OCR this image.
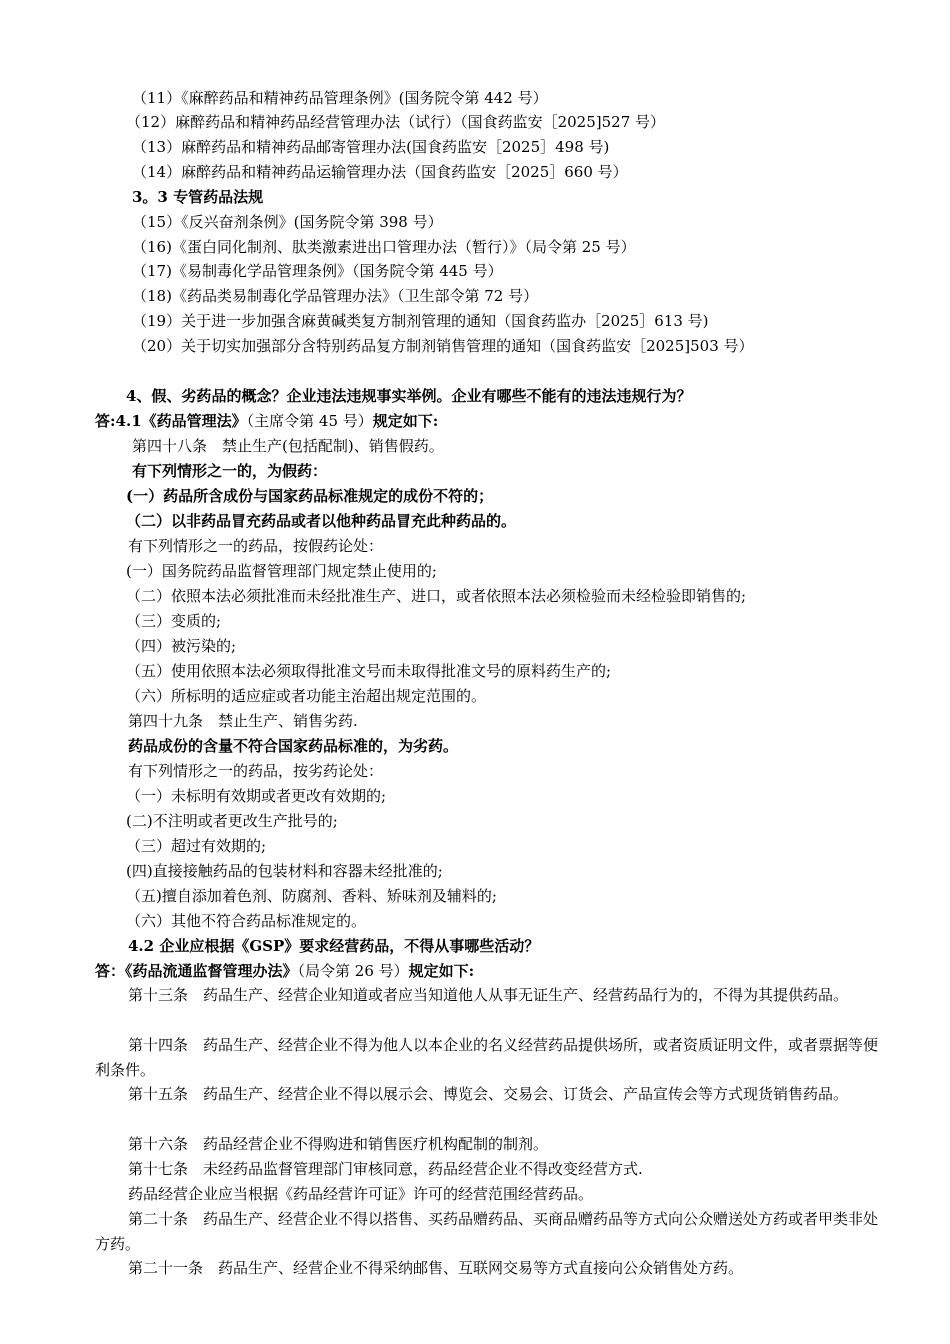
（11）《麻醉药品和精神药品管理条例》(国务院令第 442 号）
（12）麻醉药品和精神药品经营管理办法（试行）（国食药监安［2025]527 号）
（13）麻醉药品和精神药品邮寄管理办法(国食药监安［2025］498 号)
（14）麻醉药品和精神药品运输管理办法（国食药监安［2025］660 号）
3。3 专管药品法规
（15）《反兴奋剂条例》(国务院令第 398 号）
（16)《蛋白同化制剂、肽类激素进出口管理办法（暂行）》（局令第 25 号）
（17)《易制毒化学品管理条例》（国务院令第 445 号）
（18)《药品类易制毒化学品管理办法》（卫生部令第 72 号）
（19）关于进一步加强含麻黄碱类复方制剂管理的通知（国食药监办［2025］613 号)
（20）关于切实加强部分含特别药品复方制剂销售管理的通知（国食药监安［2025]503 号）
4、假、劣药品的概念？企业违法违规事实举例。企业有哪些不能有的违法违规行为？
答:4.1《药品管理法》（主席令第 45 号）规定如下:
第四十八条　禁止生产(包括配制)、销售假药。
有下列情形之一的，为假药：
(一）药品所含成份与国家药品标准规定的成份不符的；
（二）以非药品冒充药品或者以他种药品冒充此种药品的。
有下列情形之一的药品，按假药论处：
(一）国务院药品监督管理部门规定禁止使用的;
（二）依照本法必须批准而未经批准生产、进口，或者依照本法必须检验而未经检验即销售的;
（三）变质的;
（四）被污染的;
（五）使用依照本法必须取得批准文号而未取得批准文号的原料药生产的;
（六）所标明的适应症或者功能主治超出规定范围的。
第四十九条　禁止生产、销售劣药.
药品成份的含量不符合国家药品标准的，为劣药。
有下列情形之一的药品，按劣药论处：
（一）未标明有效期或者更改有效期的;
(二)不注明或者更改生产批号的;
（三）超过有效期的;
(四)直接接触药品的包装材料和容器未经批准的;
（五)擅自添加着色剂、防腐剂、香料、矫味剂及辅料的;
（六）其他不符合药品标准规定的。
4.2 企业应根据《GSP》要求经营药品，不得从事哪些活动？
答：《药品流通监督管理办法》（局令第 26 号）规定如下:
第十三条　药品生产、经营企业知道或者应当知道他人从事无证生产、经营药品行为的，不得为其提供药品。
第十四条　药品生产、经营企业不得为他人以本企业的名义经营药品提供场所，或者资质证明文件，或者票据等便利条件。
第十五条　药品生产、经营企业不得以展示会、博览会、交易会、订货会、产品宣传会等方式现货销售药品。
第十六条　药品经营企业不得购进和销售医疗机构配制的制剂。
第十七条　未经药品监督管理部门审核同意，药品经营企业不得改变经营方式.
药品经营企业应当根据《药品经营许可证》许可的经营范围经营药品。
第二十条　药品生产、经营企业不得以搭售、买药品赠药品、买商品赠药品等方式向公众赠送处方药或者甲类非处方药。
第二十一条　药品生产、经营企业不得采纳邮售、互联网交易等方式直接向公众销售处方药。
